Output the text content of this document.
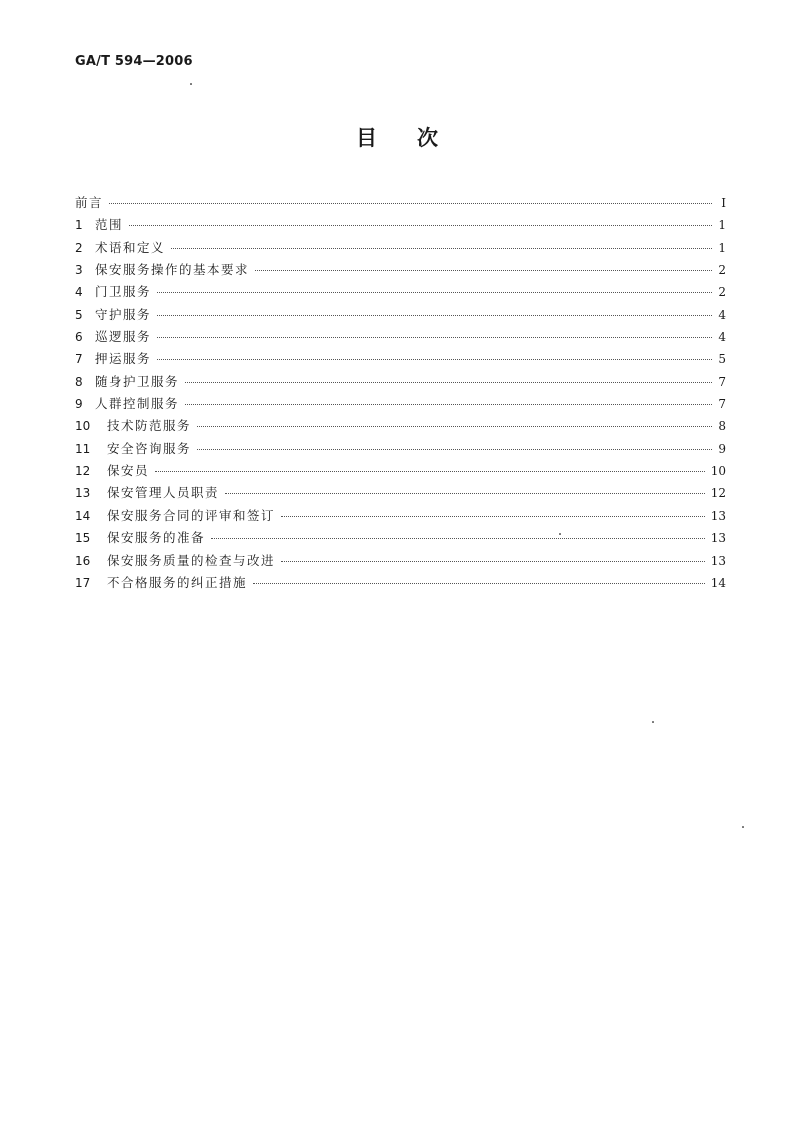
GA/T 594—2006
目 次
前言	I
1 范围	1
2 术语和定义	1
3 保安服务操作的基本要求	2
4 门卫服务	2
5 守护服务	4
6 巡逻服务	4
7 押运服务	5
8 随身护卫服务	7
9 人群控制服务	7
10	技术防范服务	8
11	安全咨询服务	9
12	保安员	10
13	保安管理人员职责	12
14	保安服务合同的评审和签订	13
15	保安服务的准备	13
16	保安服务质量的检查与改进	13
17	不合格服务的纠正措施	14
